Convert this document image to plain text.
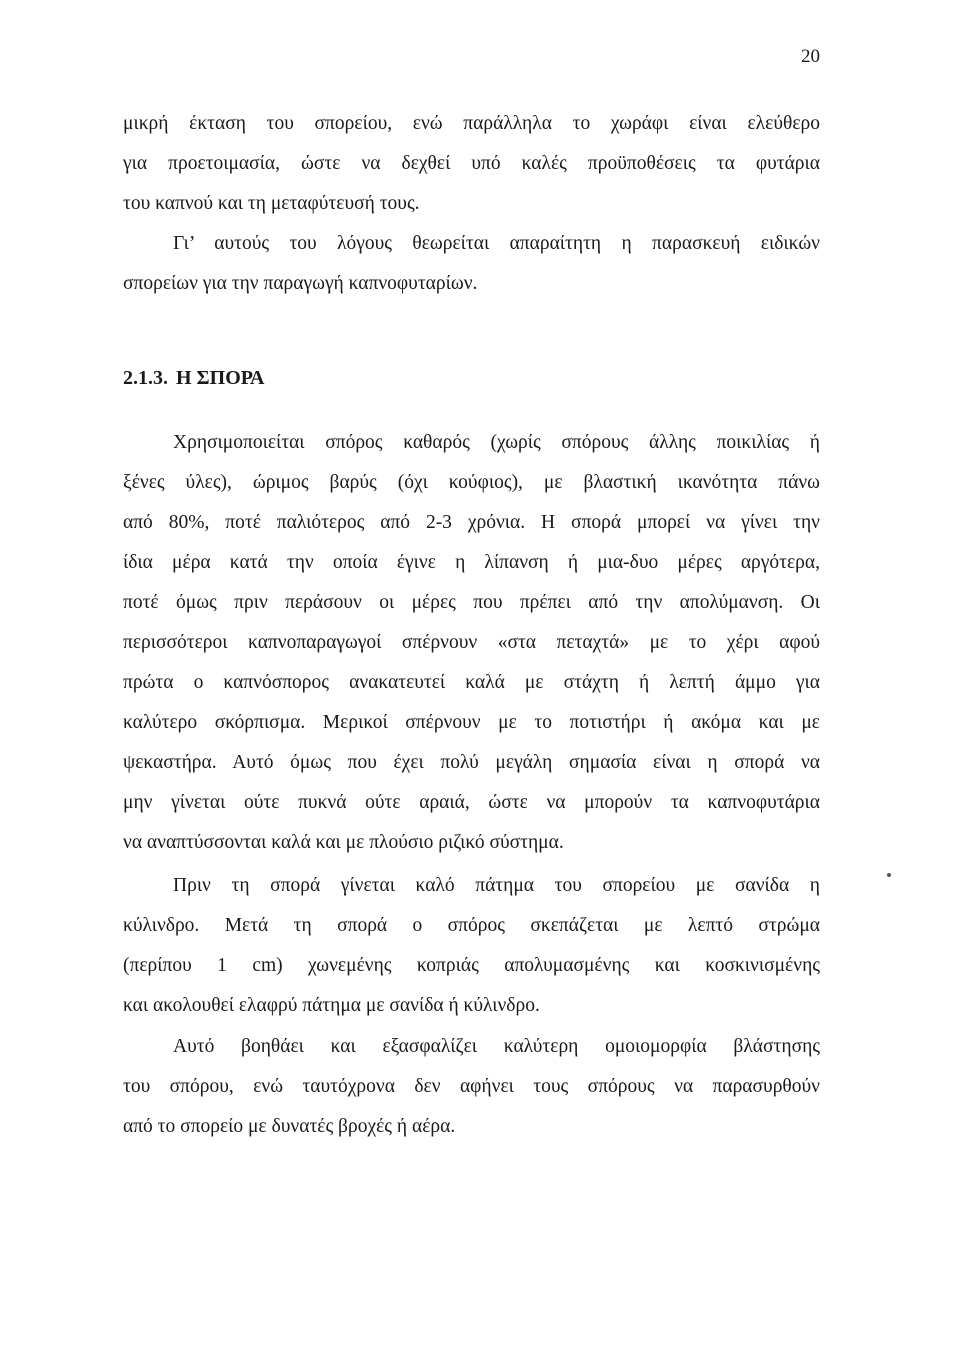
20
μικρή έκταση του σπορείου, ενώ παράλληλα το χωράφι είναι ελεύθερο
για προετοιμασία, ώστε να δεχθεί υπό καλές προϋποθέσεις τα φυτάρια
του καπνού και τη μεταφύτευσή τους.
Γι’ αυτούς του λόγους θεωρείται απαραίτητη η παρασκευή ειδικών
σπορείων για την παραγωγή καπνοφυταρίων.
2.1.3. Η ΣΠΟΡΑ
Χρησιμοποιείται σπόρος καθαρός (χωρίς σπόρους άλλης ποικιλίας ή
ξένες ύλες), ώριμος βαρύς (όχι κούφιος), με βλαστική ικανότητα πάνω
από 80%, ποτέ παλιότερος από 2-3 χρόνια. Η σπορά μπορεί να γίνει την
ίδια μέρα κατά την οποία έγινε η λίπανση ή μια-δυο μέρες αργότερα,
ποτέ όμως πριν περάσουν οι μέρες που πρέπει από την απολύμανση. Οι
περισσότεροι καπνοπαραγωγοί σπέρνουν «στα πεταχτά» με το χέρι αφού
πρώτα ο καπνόσπορος ανακατευτεί καλά με στάχτη ή λεπτή άμμο για
καλύτερο σκόρπισμα. Μερικοί σπέρνουν με το ποτιστήρι ή ακόμα και με
ψεκαστήρα. Αυτό όμως που έχει πολύ μεγάλη σημασία είναι η σπορά να
μην γίνεται ούτε πυκνά ούτε αραιά, ώστε να μπορούν τα καπνοφυτάρια
να αναπτύσσονται καλά και με πλούσιο ριζικό σύστημα.
Πριν τη σπορά γίνεται καλό πάτημα του σπορείου με σανίδα η
κύλινδρο. Μετά τη σπορά ο σπόρος σκεπάζεται με λεπτό στρώμα
(περίπου 1 cm) χωνεμένης κοπριάς απολυμασμένης και κοσκινισμένης
και ακολουθεί ελαφρύ πάτημα με σανίδα ή κύλινδρο.
Αυτό βοηθάει και εξασφαλίζει καλύτερη ομοιομορφία βλάστησης
του σπόρου, ενώ ταυτόχρονα δεν αφήνει τους σπόρους να παρασυρθούν
από το σπορείο με δυνατές βροχές ή αέρα.
